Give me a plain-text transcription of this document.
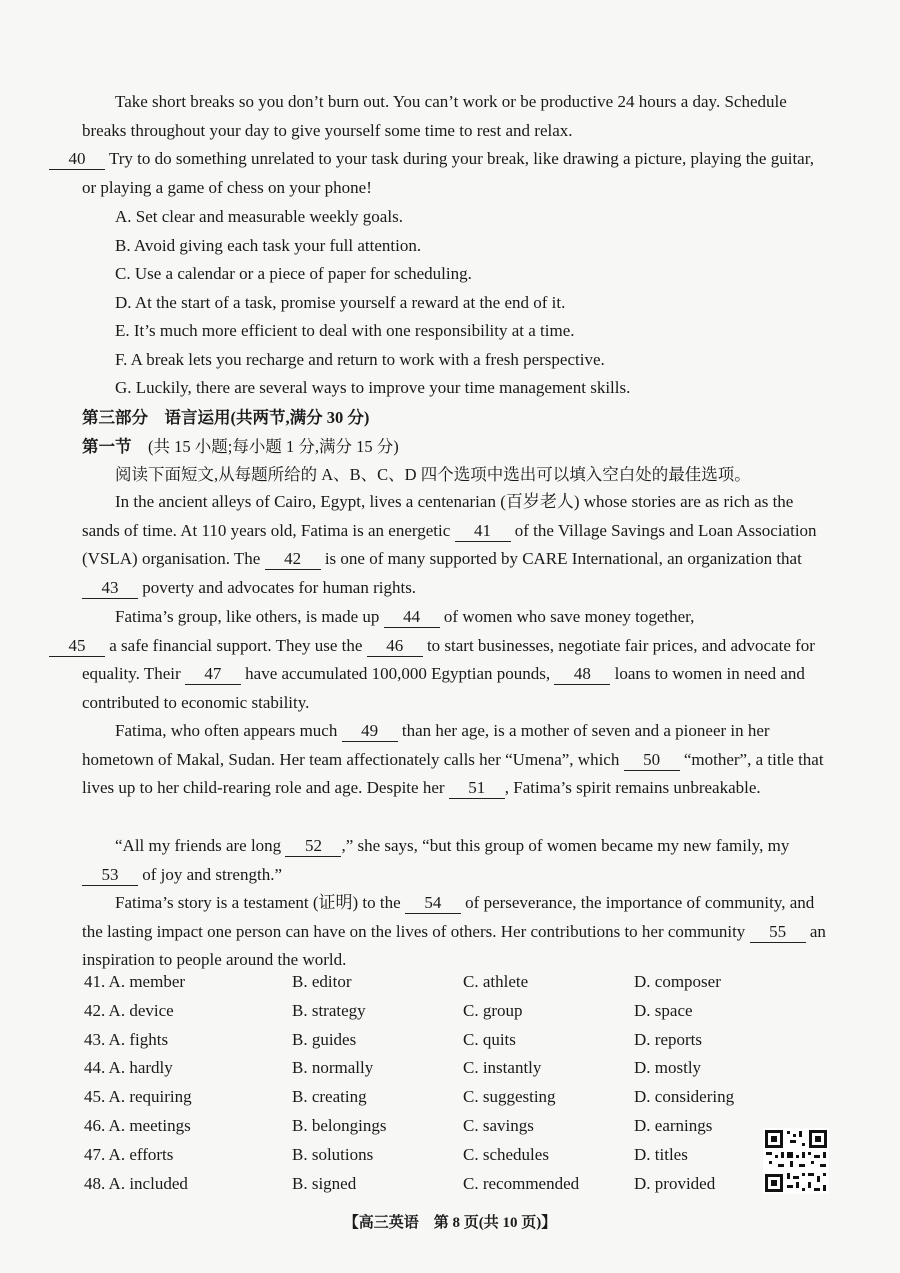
Take short breaks so you don’t burn out. You can’t work or be productive 24 hours a day. Schedule breaks throughout your day to give yourself some time to rest and relax.
40 Try to do something unrelated to your task during your break, like drawing a picture, playing the guitar, or playing a game of chess on your phone!

A. Set clear and measurable weekly goals.
B. Avoid giving each task your full attention.
C. Use a calendar or a piece of paper for scheduling.
D. At the start of a task, promise yourself a reward at the end of it.
E. It’s much more efficient to deal with one responsibility at a time.
F. A break lets you recharge and return to work with a fresh perspective.
G. Luckily, there are several ways to improve your time management skills.
第三部分　语言运用(共两节,满分 30 分)
第一节　 (共 15 小题;每小题 1 分,满分 15 分)
阅读下面短文,从每题所给的 A、B、C、D 四个选项中选出可以填入空白处的最佳选项。

In the ancient alleys of Cairo, Egypt, lives a centenarian (百岁老人) whose stories are as rich as the sands of time. At 110 years old, Fatima is an energetic 41 of the Village Savings and Loan Association (VSLA) organisation. The 42 is one of many supported by CARE International, an organization that 43 poverty and advocates for human rights.

Fatima’s group, like others, is made up 44 of women who save money together,
45 a safe financial support. They use the 46 to start businesses, negotiate fair prices, and advocate for equality. Their 47 have accumulated 100,000 Egyptian pounds, 48 loans to women in need and contributed to economic stability.

Fatima, who often appears much 49 than her age, is a mother of seven and a pioneer in her hometown of Makal, Sudan. Her team affectionately calls her “Umena”, which 50 “mother”, a title that lives up to her child-rearing role and age. Despite her 51 , Fatima’s spirit remains unbreakable.

“All my friends are long 52 ,” she says, “but this group of women became my new family, my 53 of joy and strength.”

Fatima’s story is a testament (证明) to the 54 of perseverance, the importance of community, and the lasting impact one person can have on the lives of others. Her contributions to her community 55 an inspiration to people around the world.

41. A. member	B. editor	C. athlete	D. composer
42. A. device	B. strategy	C. group	D. space
43. A. fights	B. guides	C. quits	D. reports
44. A. hardly	B. normally	C. instantly	D. mostly
45. A. requiring	B. creating	C. suggesting	D. considering
46. A. meetings	B. belongings	C. savings	D. earnings
47. A. efforts	B. solutions	C. schedules	D. titles
48. A. included	B. signed	C. recommended	D. provided
【高三英语　第 8 页(共 10 页)】
